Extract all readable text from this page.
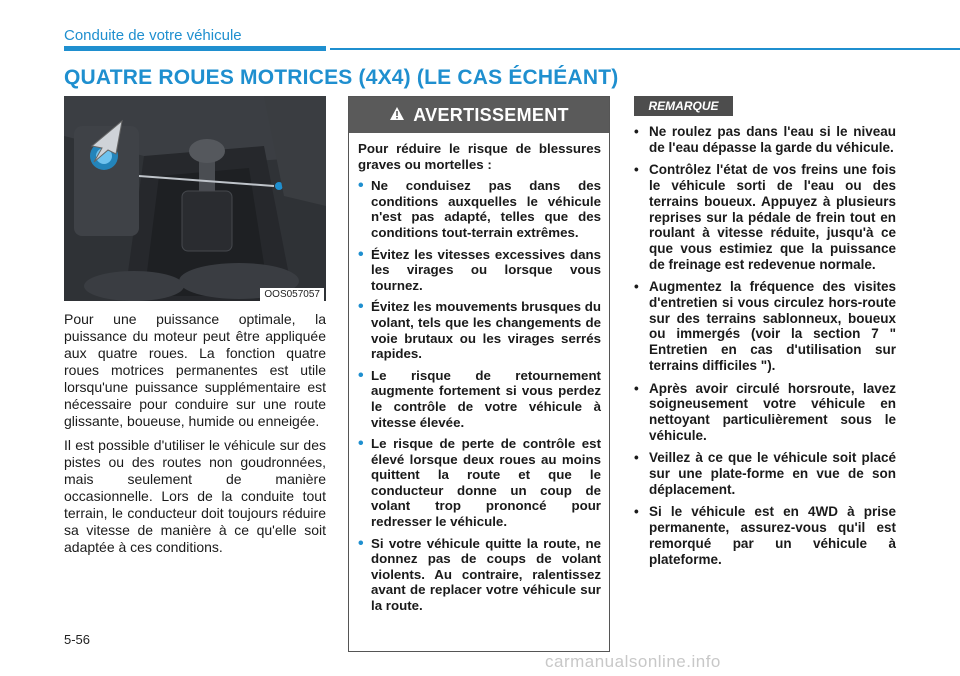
Conduite de votre véhicule
QUATRE ROUES MOTRICES (4X4) (LE CAS ÉCHÉANT)
OOS057057

Pour une puissance optimale, la puissance du moteur peut être appliquée aux quatre roues. La fonction quatre roues motrices permanentes est utile lorsqu'une puissance supplémentaire est nécessaire pour conduire sur une route glissante, boueuse, humide ou enneigée.

Il est possible d'utiliser le véhicule sur des pistes ou des routes non goudronnées, mais seulement de manière occasionnelle. Lors de la conduite tout terrain, le conducteur doit toujours réduire sa vitesse de manière à ce qu'elle soit adaptée à ces conditions.

AVERTISSEMENT

Pour réduire le risque de blessures graves ou mortelles :

• Ne conduisez pas dans des conditions auxquelles le véhicule n'est pas adapté, telles que des conditions tout-terrain extrêmes.
• Évitez les vitesses excessives dans les virages ou lorsque vous tournez.
• Évitez les mouvements brusques du volant, tels que les changements de voie brutaux ou les virages serrés rapides.
• Le risque de retournement augmente fortement si vous perdez le contrôle de votre véhicule à vitesse élevée.
• Le risque de perte de contrôle est élevé lorsque deux roues au moins quittent la route et que le conducteur donne un coup de volant trop prononcé pour redresser le véhicule.
• Si votre véhicule quitte la route, ne donnez pas de coups de volant violents. Au contraire, ralentissez avant de replacer votre véhicule sur la route.
REMARQUE
• Ne roulez pas dans l'eau si le niveau de l'eau dépasse la garde du véhicule.
• Contrôlez l'état de vos freins une fois le véhicule sorti de l'eau ou des terrains boueux. Appuyez à plusieurs reprises sur la pédale de frein tout en roulant à vitesse réduite, jusqu'à ce que vous estimiez que la puissance de freinage est redevenue normale.
• Augmentez la fréquence des visites d'entretien si vous circulez hors-route sur des terrains sablonneux, boueux ou immergés (voir la section 7 " Entretien en cas d'utilisation sur terrains difficiles ").
• Après avoir circulé horsroute, lavez soigneusement votre véhicule en nettoyant particulièrement sous le véhicule.
• Veillez à ce que le véhicule soit placé sur une plate-forme en vue de son déplacement.
• Si le véhicule est en 4WD à prise permanente, assurez-vous qu'il est remorqué par un véhicule à plateforme.
5-56
carmanualsonline.info
